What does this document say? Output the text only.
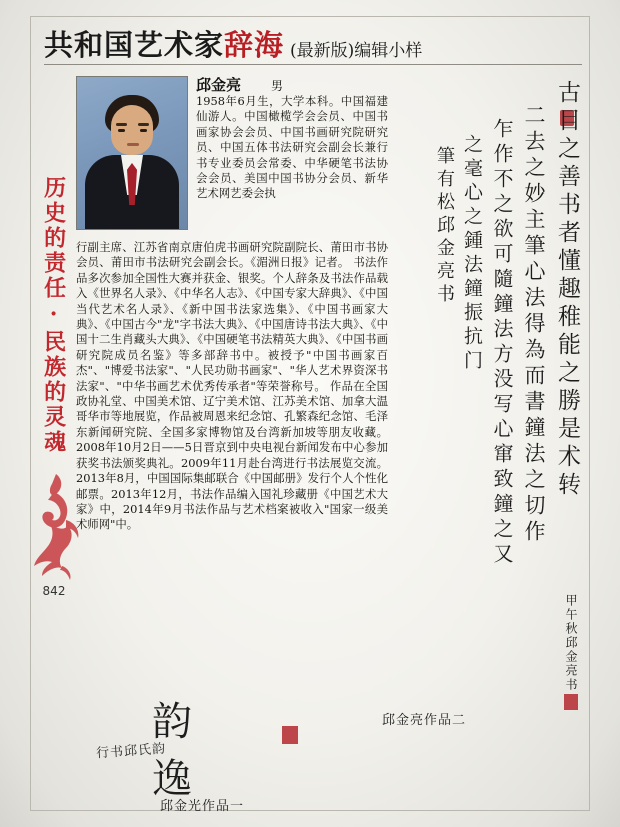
共和国艺术家辞海 (最新版)编辑小样
历史的责任·民族的灵魂
842
邱金亮	男
1958年6月生，大学本科。中国福建仙游人。中国橄榄学会会员、中国书画家协会会员、中国书画研究院研究员、中国五体书法研究会副会长兼行书专业委员会常委、中华硬笔书法协会会员、美国中国书协分会员、新华艺术网艺委会执
行副主席、江苏省南京唐伯虎书画研究院副院长、莆田市书协会员、莆田市书法研究会副会长。《湄洲日报》记者。 书法作品多次参加全国性大赛并获金、银奖。个人辞条及书法作品载入《世界名人录》、《中华名人志》、《中国专家大辞典》、《中国当代艺术名人录》、《新中国书法家选集》、《中国书画家大典》、《中国古今"龙"字书法大典》、《中国唐诗书法大典》、《中国十二生肖藏头大典》、《中国硬笔书法精英大典》、《中国书画研究院成员名鉴》等多部辞书中。被授予"中国书画家百杰"、"博爱书法家"、"人民功勋书画家"、"华人艺术界资深书法家"、"中华书画艺术优秀传承者"等荣誉称号。 作品在全国政协礼堂、中国美术馆、辽宁美术馆、江苏美术馆、加拿大温哥华市等地展览，作品被周恩来纪念馆、孔繁森纪念馆、毛泽东新闻研究院、全国多家博物馆及台湾新加坡等朋友收藏。2008年10月2日——5日晋京到中央电视台新闻发布中心参加获奖书法颁奖典礼。2009年11月赴台湾进行书法展览交流。2013年8月，中国国际集邮联合《中国邮册》发行个人个性化邮票。2013年12月，书法作品编入国礼珍藏册《中国艺术大家》中，2014年9月书法作品与艺术档案被收入"国家一级美术师网"中。
古目之善书者懂趣稚能之勝是术转
二去之妙主筆心法得為而書鐘法之切作
乍作不之欲可隨鐘法方没写心窜致鐘之又
之毫心之鍾法鐘振抗门
筆有松邱金亮书
甲午秋邱金亮书
韵 逸
行书邱氏韵
邱金光作品一
邱金亮作品二
